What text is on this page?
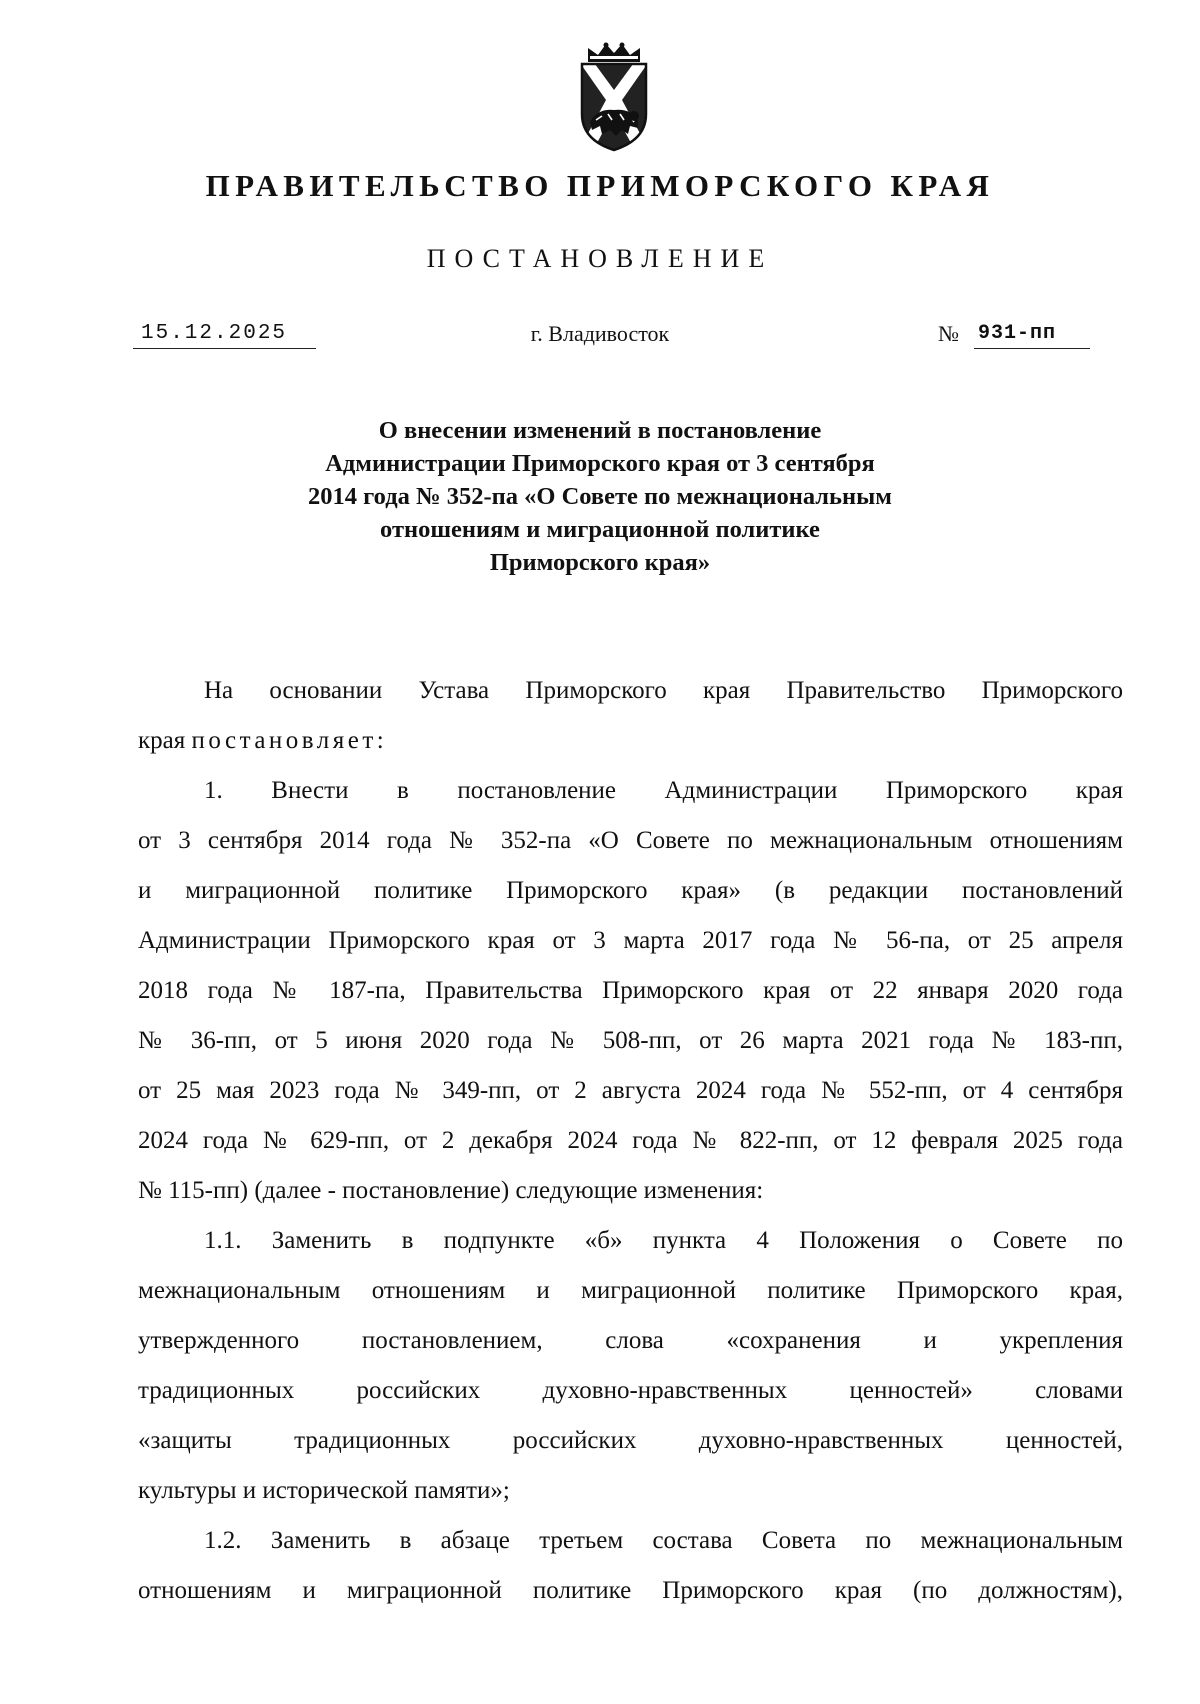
ПРАВИТЕЛЬСТВО ПРИМОРСКОГО КРАЯ
ПОСТАНОВЛЕНИЕ
15.12.2025	г. Владивосток	№ 931-пп
О внесении изменений в постановление
Администрации Приморского края от 3 сентября
2014 года № 352-па «О Совете по межнациональным
отношениям и миграционной политике
Приморского края»
На основании Устава Приморского края Правительство Приморского
края постановляет:
1. Внести в постановление Администрации Приморского края
от 3 сентября 2014 года № 352-па «О Совете по межнациональным отношениям
и миграционной политике Приморского края» (в редакции постановлений
Администрации Приморского края от 3 марта 2017 года № 56-па, от 25 апреля
2018 года № 187-па, Правительства Приморского края от 22 января 2020 года
№ 36-пп, от 5 июня 2020 года № 508-пп, от 26 марта 2021 года № 183-пп,
от 25 мая 2023 года № 349-пп, от 2 августа 2024 года № 552-пп, от 4 сентября
2024 года № 629-пп, от 2 декабря 2024 года № 822-пп, от 12 февраля 2025 года
№ 115-пп) (далее - постановление) следующие изменения:
1.1. Заменить в подпункте «б» пункта 4 Положения о Совете по
межнациональным отношениям и миграционной политике Приморского края,
утвержденного постановлением, слова «сохранения и укрепления
традиционных российских духовно-нравственных ценностей» словами
«защиты традиционных российских духовно-нравственных ценностей,
культуры и исторической памяти»;
1.2. Заменить в абзаце третьем состава Совета по межнациональным
отношениям и миграционной политике Приморского края (по должностям),
